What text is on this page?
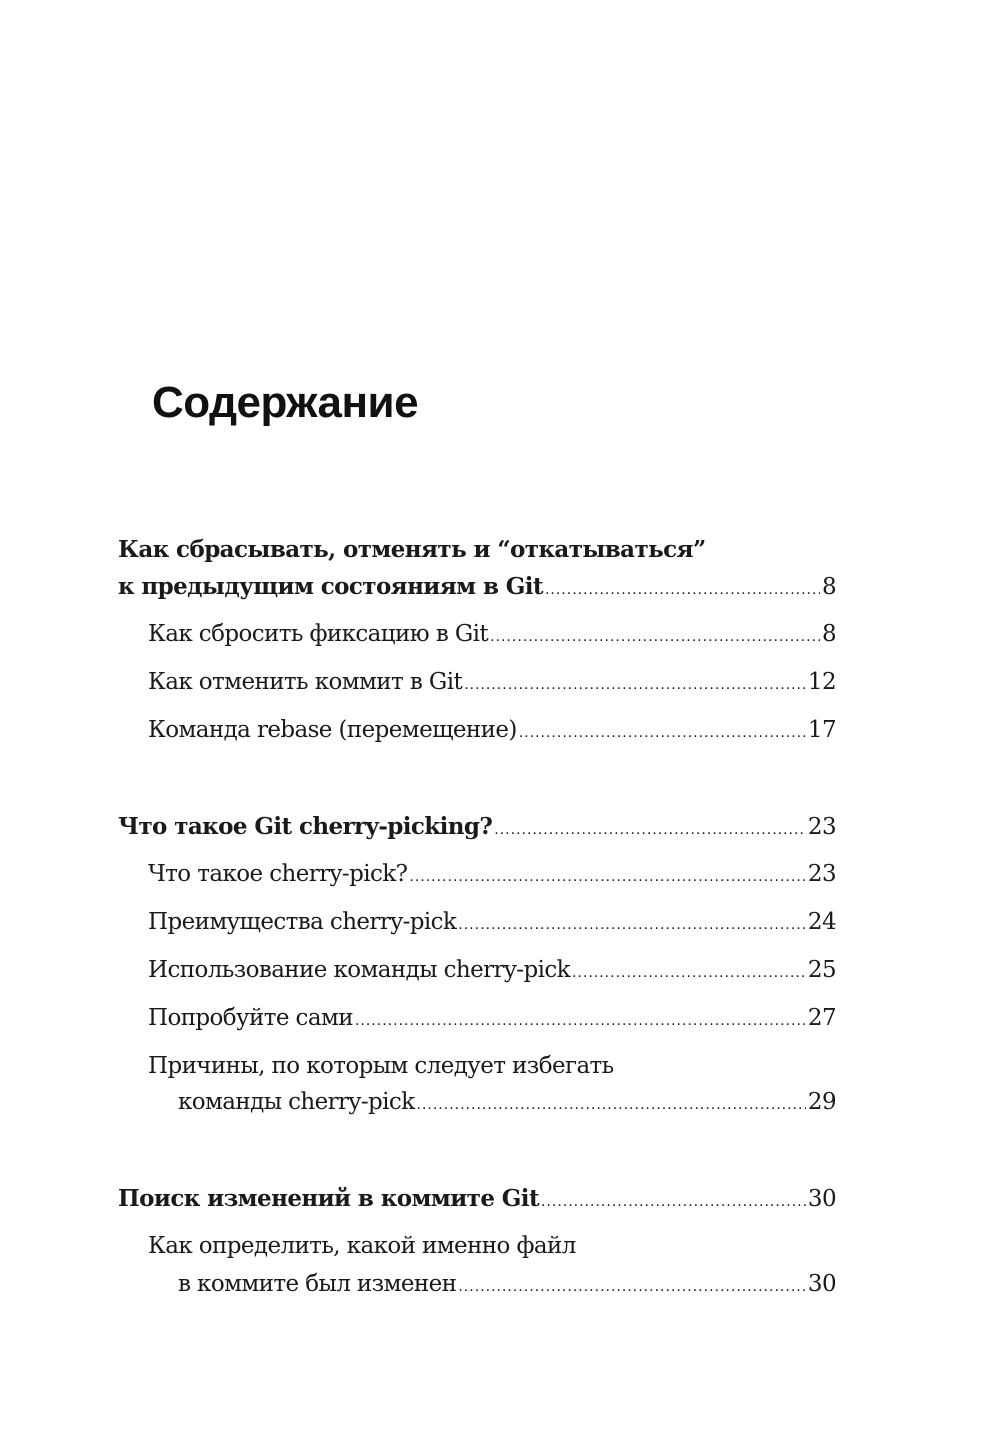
Содержание
Как сбрасывать, отменять и “откатываться”
к предыдущим состояниям в Git .....	8
Как сбросить фиксацию в Git .....	8
Как отменить коммит в Git .....	12
Команда rebase (перемещение) .....	17
Что такое Git cherry-picking? .....	23
Что такое cherry-pick? .....	23
Преимущества cherry-pick .....	24
Использование команды cherry-pick .....	25
Попробуйте сами .....	27
Причины, по которым следует избегать
команды cherry-pick .....	29
Поиск изменений в коммите Git .....	30
Как определить, какой именно файл
в коммите был изменен .....	30
